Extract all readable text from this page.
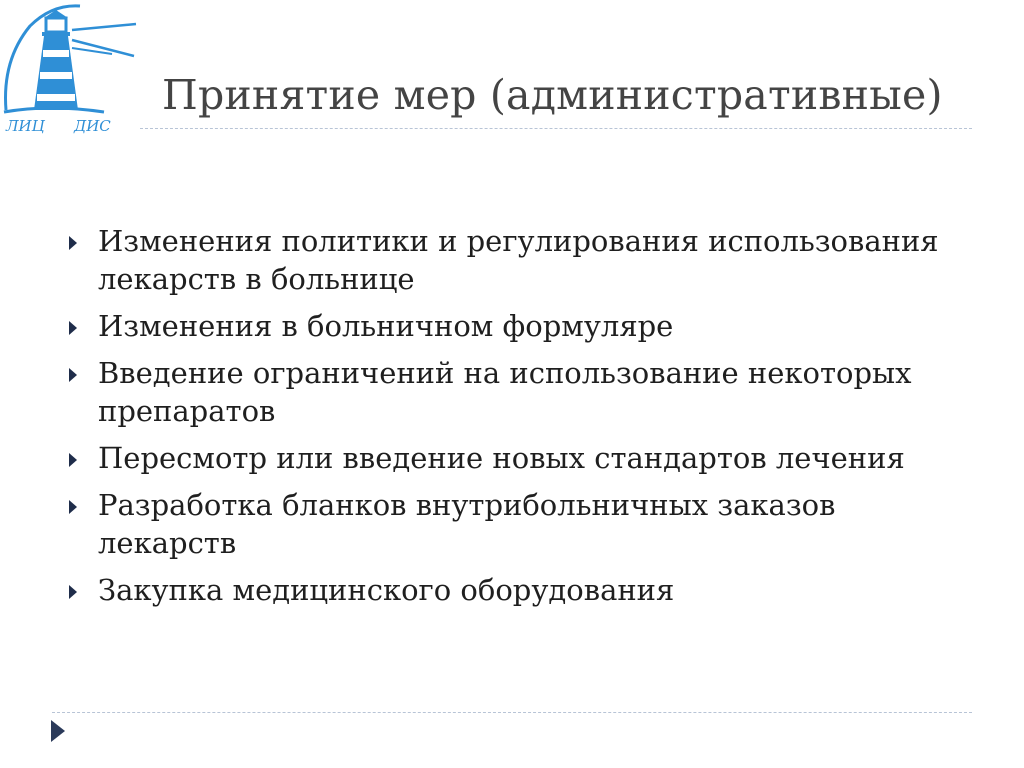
ЛИЦ ДИС
Принятие мер (административные)
Изменения политики и регулирования использования лекарств в больнице
Изменения в больничном формуляре
Введение ограничений на использование некоторых препаратов
Пересмотр или введение новых стандартов лечения
Разработка бланков внутрибольничных заказов лекарств
Закупка медицинского оборудования
